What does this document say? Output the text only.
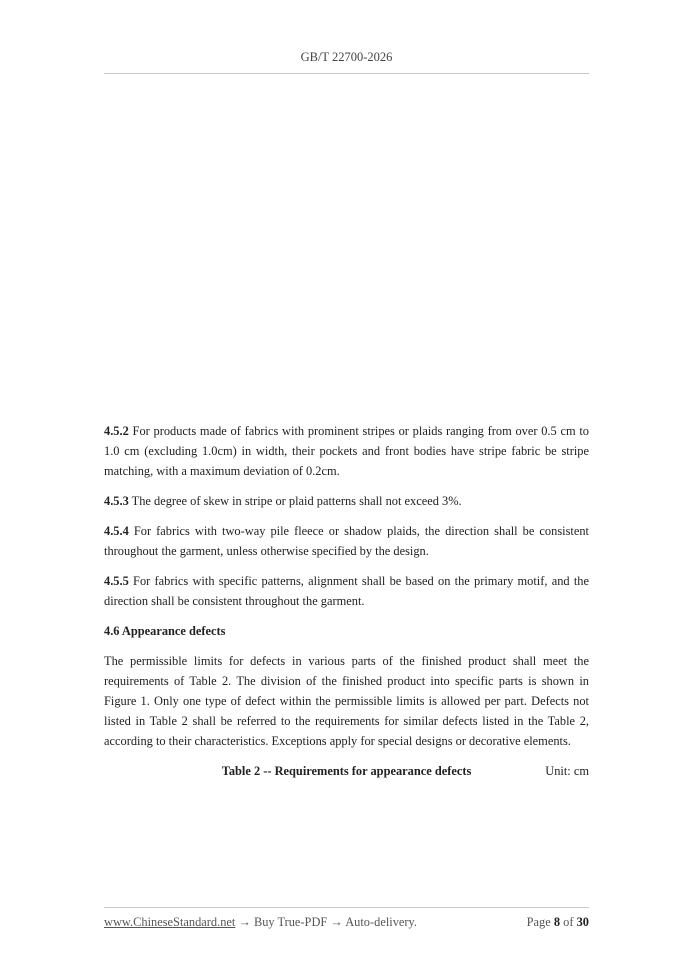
GB/T 22700-2026

4.5.2 For products made of fabrics with prominent stripes or plaids ranging from over 0.5 cm to 1.0 cm (excluding 1.0cm) in width, their pockets and front bodies have stripe fabric be stripe matching, with a maximum deviation of 0.2cm.

4.5.3 The degree of skew in stripe or plaid patterns shall not exceed 3%.

4.5.4 For fabrics with two-way pile fleece or shadow plaids, the direction shall be consistent throughout the garment, unless otherwise specified by the design.

4.5.5 For fabrics with specific patterns, alignment shall be based on the primary motif, and the direction shall be consistent throughout the garment.

4.6 Appearance defects

The permissible limits for defects in various parts of the finished product shall meet the requirements of Table 2. The division of the finished product into specific parts is shown in Figure 1. Only one type of defect within the permissible limits is allowed per part. Defects not listed in Table 2 shall be referred to the requirements for similar defects listed in the Table 2, according to their characteristics. Exceptions apply for special designs or decorative elements.

Table 2 -- Requirements for appearance defects	Unit: cm
www.ChineseStandard.net → Buy True-PDF → Auto-delivery.	Page 8 of 30
